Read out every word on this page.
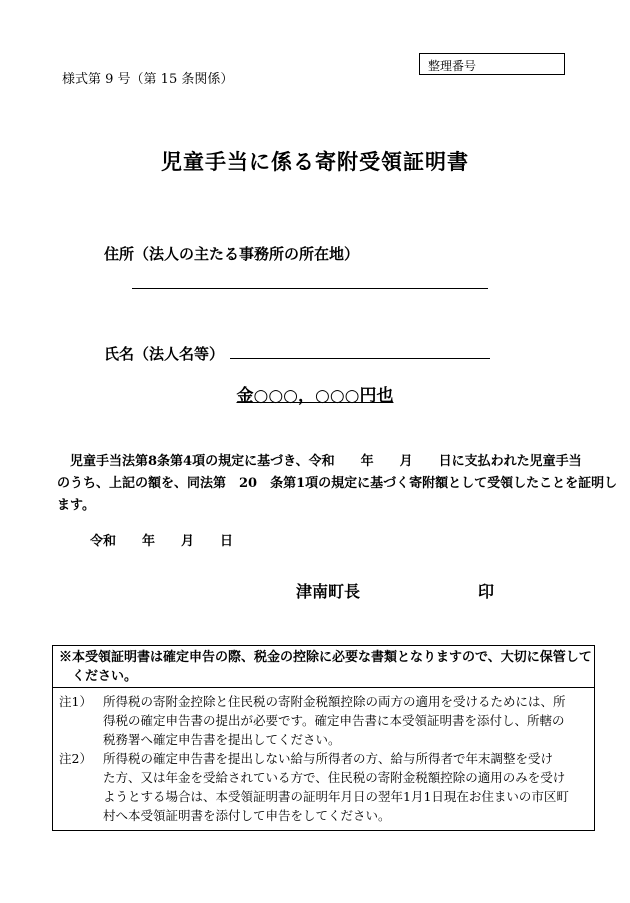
様式第 9 号（第 15 条関係）
整理番号
児童手当に係る寄附受領証明書
住所（法人の主たる事務所の所在地）
氏名（法人名等）
金○○○，○○○円也

　児童手当法第8条第4項の規定に基づき、令和　　年　　月　　日に支払われた児童手当

のうち、上記の額を、同法第　20　条第1項の規定に基づく寄附額として受領したことを証明し

ます。

令和　　年　　月　　日
津南町長	印

※本受領証明書は確定申告の際、税金の控除に必要な書類となりますので、大切に保管して

　ください。

注1） 所得税の寄附金控除と住民税の寄附金税額控除の両方の適用を受けるためには、所

得税の確定申告書の提出が必要です。確定申告書に本受領証明書を添付し、所轄の

税務署へ確定申告書を提出してください。

注2） 所得税の確定申告書を提出しない給与所得者の方、給与所得者で年末調整を受け

た方、又は年金を受給されている方で、住民税の寄附金税額控除の適用のみを受け

ようとする場合は、本受領証明書の証明年月日の翌年1月1日現在お住まいの市区町

村へ本受領証明書を添付して申告をしてください。
